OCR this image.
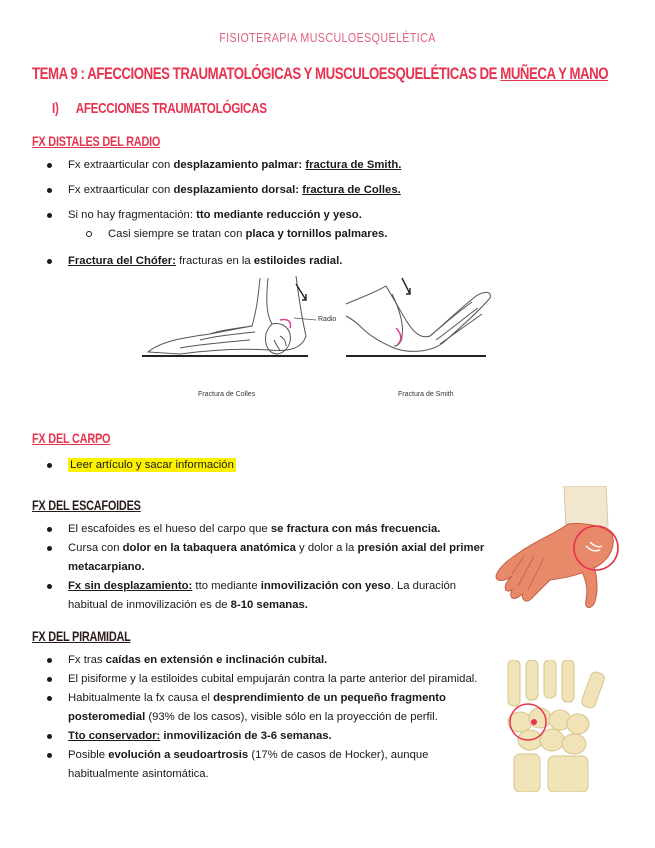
FISIOTERAPIA MUSCULOESQUELÉTICA
TEMA 9 : AFECCIONES TRAUMATOLÓGICAS Y MUSCULOESQUELÉTICAS DE MUÑECA Y MANO
I) AFECCIONES TRAUMATOLÓGICAS
FX DISTALES DEL RADIO
Fx extraarticular con desplazamiento palmar: fractura de Smith.
Fx extraarticular con desplazamiento dorsal: fractura de Colles.
Si no hay fragmentación: tto mediante reducción y yeso.
Casi siempre se tratan con placa y tornillos palmares.
Fractura del Chófer: fracturas en la estiloides radial.
Radio
Fractura de Colles	Fractura de Smith
FX DEL CARPO
Leer artículo y sacar información
FX DEL ESCAFOIDES
El escafoides es el hueso del carpo que se fractura con más frecuencia.
Cursa con dolor en la tabaquera anatómica y dolor a la presión axial del primer metacarpiano.
Fx sin desplazamiento: tto mediante inmovilización con yeso. La duración habitual de inmovilización es de 8-10 semanas.
FX DEL PIRAMIDAL
Fx tras caídas en extensión e inclinación cubital.
El pisiforme y la estiloides cubital empujarán contra la parte anterior del piramidal.
Habitualmente la fx causa el desprendimiento de un pequeño fragmento posteromedial (93% de los casos), visible sólo en la proyección de perfil.
Tto conservador: inmovilización de 3-6 semanas.
Posible evolución a seudoartrosis (17% de casos de Hocker), aunque habitualmente asintomática.
